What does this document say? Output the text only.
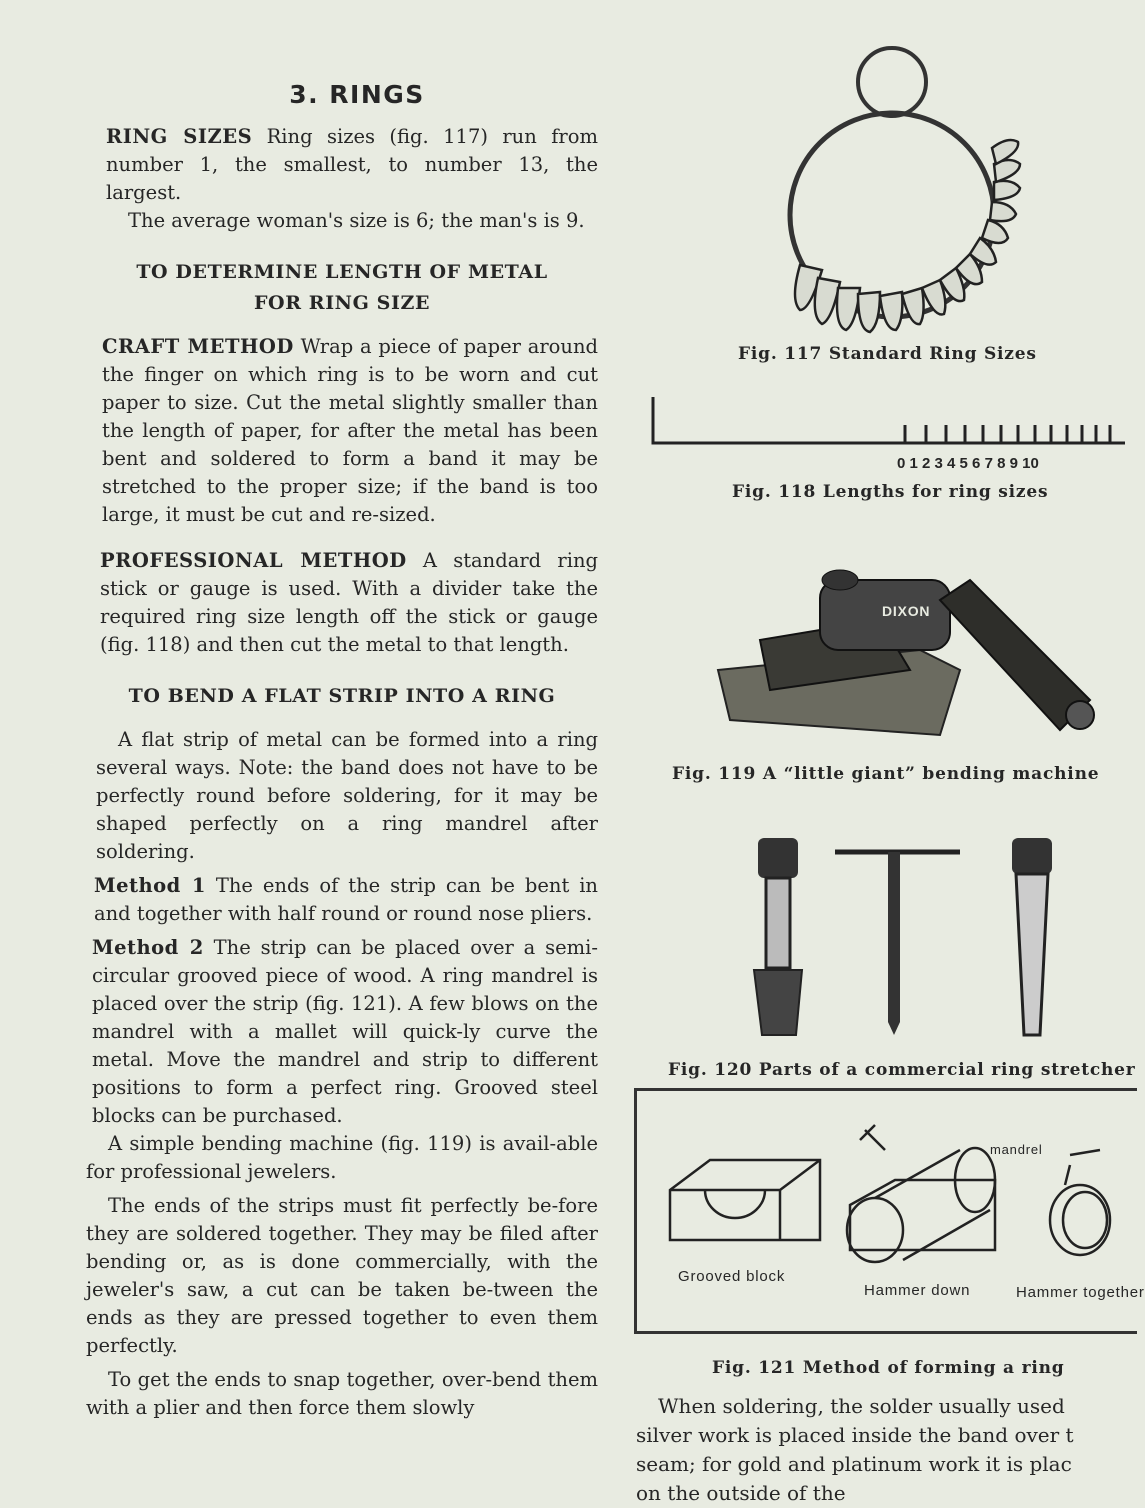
3. RINGS

RING SIZES Ring sizes (fig. 117) run from number 1, the smallest, to number 13, the largest.

The average woman's size is 6; the man's is 9.

TO DETERMINE LENGTH OF METAL
FOR RING SIZE

CRAFT METHOD Wrap a piece of paper around the finger on which ring is to be worn and cut paper to size. Cut the metal slightly smaller than the length of paper, for after the metal has been bent and soldered to form a band it may be stretched to the proper size; if the band is too large, it must be cut and re-sized.

PROFESSIONAL METHOD A standard ring stick or gauge is used. With a divider take the required ring size length off the stick or gauge (fig. 118) and then cut the metal to that length.

TO BEND A FLAT STRIP INTO A RING

A flat strip of metal can be formed into a ring several ways. Note: the band does not have to be perfectly round before soldering, for it may be shaped perfectly on a ring mandrel after soldering.

Method 1 The ends of the strip can be bent in and together with half round or round nose pliers.

Method 2 The strip can be placed over a semi-circular grooved piece of wood. A ring mandrel is placed over the strip (fig. 121). A few blows on the mandrel with a mallet will quick-ly curve the metal. Move the mandrel and strip to different positions to form a perfect ring. Grooved steel blocks can be purchased.

A simple bending machine (fig. 119) is avail-able for professional jewelers.

The ends of the strips must fit perfectly be-fore they are soldered together. They may be filed after bending or, as is done commercially, with the jeweler's saw, a cut can be taken be-tween the ends as they are pressed together to even them perfectly.

To get the ends to snap together, over-bend them with a plier and then force them slowly

Fig. 117 Standard Ring Sizes
0 1 2 3 4 5 6 7 8 9 10
Fig. 118 Lengths for ring sizes
DIXON
Fig. 119 A “little giant” bending machine
Fig. 120 Parts of a commercial ring stretcher
Grooved block
mandrel
Hammer down	Hammer together
Fig. 121 Method of forming a ring
When soldering, the solder usually used
silver work is placed inside the band over t
seam; for gold and platinum work it is plac
on the outside of the
